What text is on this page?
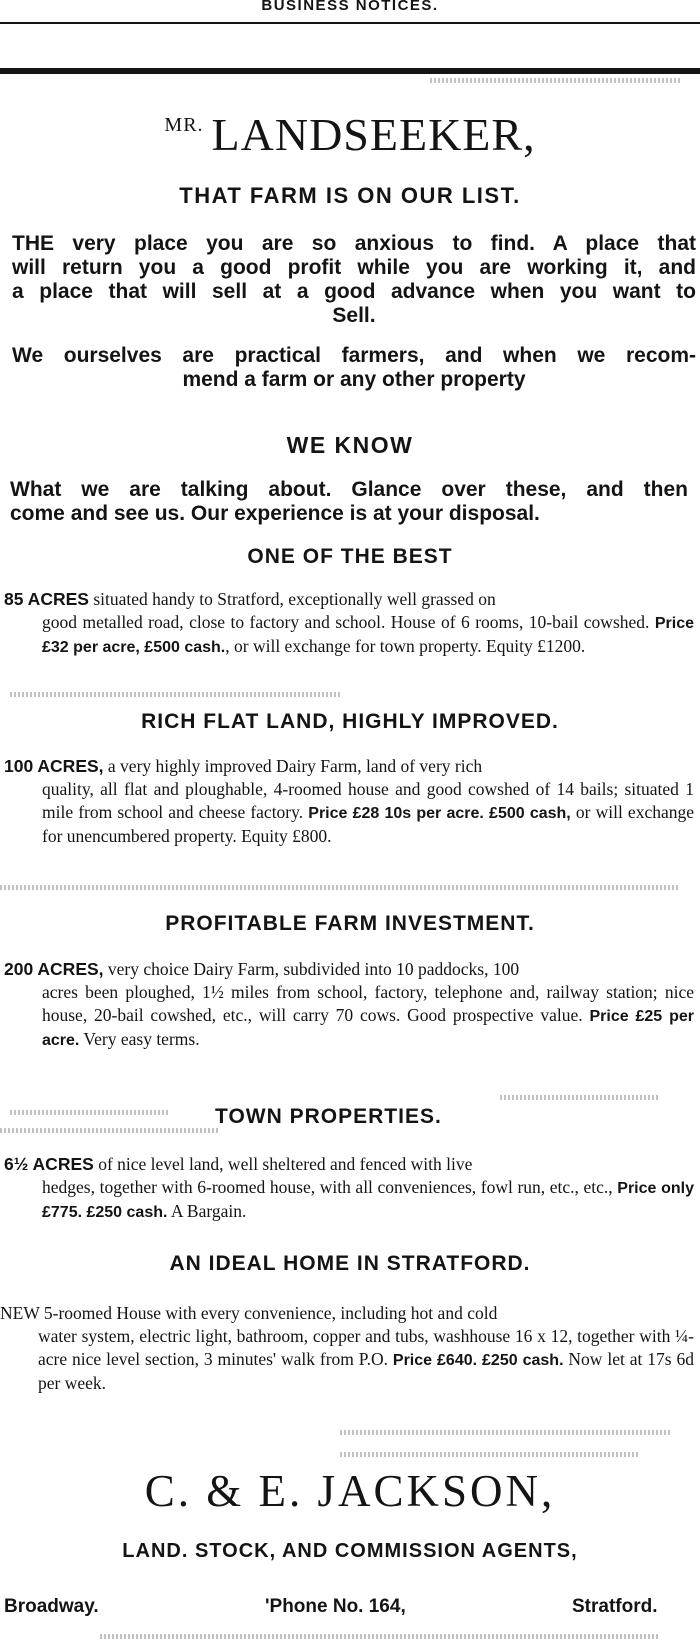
BUSINESS NOTICES.
$^{MR.}$ LANDSEEKER,
THAT FARM IS ON OUR LIST.
THE very place you are so anxious to find. A place that
will return you a good profit while you are working it, and
a place that will sell at a good advance when you want to
Sell.
We ourselves are practical farmers, and when we recom-
mend a farm or any other property
WE KNOW
What we are talking about. Glance over these, and then
come and see us. Our experience is at your disposal.
ONE OF THE BEST
85 ACRES situated handy to Stratford, exceptionally well grassed on
good metalled road, close to factory and school. House of 6 rooms, 10-bail cowshed. Price £32 per acre, £500 cash., or will exchange for town property. Equity £1200.
RICH FLAT LAND, HIGHLY IMPROVED.
100 ACRES, a very highly improved Dairy Farm, land of very rich
quality, all flat and ploughable, 4-roomed house and good cowshed of 14 bails; situated 1 mile from school and cheese factory. Price £28 10s per acre. £500 cash, or will exchange for unencumbered property. Equity £800.
PROFITABLE FARM INVESTMENT.
200 ACRES, very choice Dairy Farm, subdivided into 10 paddocks, 100
acres been ploughed, 1½ miles from school, factory, telephone and, railway station; nice house, 20-bail cowshed, etc., will carry 70 cows. Good prospective value. Price £25 per acre. Very easy terms.
TOWN PROPERTIES.
6½ ACRES of nice level land, well sheltered and fenced with live
hedges, together with 6-roomed house, with all conveniences, fowl run, etc., etc., Price only £775. £250 cash. A Bargain.
AN IDEAL HOME IN STRATFORD.
NEW 5-roomed House with every convenience, including hot and cold
water system, electric light, bathroom, copper and tubs, washhouse 16 x 12, together with ¼-acre nice level section, 3 minutes' walk from P.O. Price £640. £250 cash. Now let at 17s 6d per week.
C. & E. JACKSON,
LAND. STOCK, AND COMMISSION AGENTS,
Broadway.	'Phone No. 164,	Stratford.
